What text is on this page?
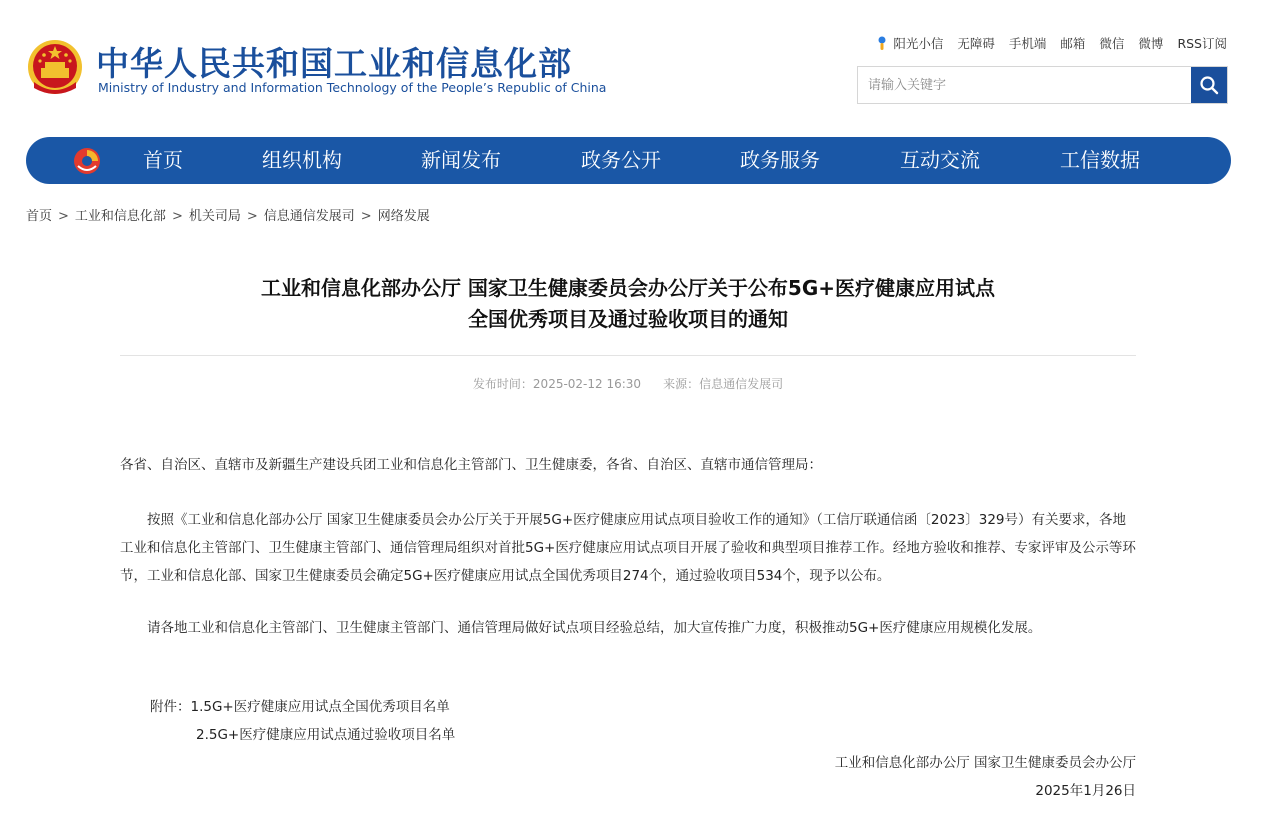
中华人民共和国工业和信息化部
Ministry of Industry and Information Technology of the People’s Republic of China
阳光小信 无障碍 手机端 邮箱 微信 微博 RSS订阅
请输入关键字
首页	组织机构	新闻发布	政务公开	政务服务	互动交流	工信数据
首页 > 工业和信息化部 > 机关司局 > 信息通信发展司 > 网络发展
工业和信息化部办公厅 国家卫生健康委员会办公厅关于公布5G+医疗健康应用试点
全国优秀项目及通过验收项目的通知
发布时间：2025-02-12 16:30 来源：信息通信发展司
各省、自治区、直辖市及新疆生产建设兵团工业和信息化主管部门、卫生健康委，各省、自治区、直辖市通信管理局：
按照《工业和信息化部办公厅 国家卫生健康委员会办公厅关于开展5G+医疗健康应用试点项目验收工作的通知》（工信厅联通信函〔2023〕329号）有关要求，各地工业和信息化主管部门、卫生健康主管部门、通信管理局组织对首批5G+医疗健康应用试点项目开展了验收和典型项目推荐工作。经地方验收和推荐、专家评审及公示等环节，工业和信息化部、国家卫生健康委员会确定5G+医疗健康应用试点全国优秀项目274个，通过验收项目534个，现予以公布。
请各地工业和信息化主管部门、卫生健康主管部门、通信管理局做好试点项目经验总结，加大宣传推广力度，积极推动5G+医疗健康应用规模化发展。
附件：1.5G+医疗健康应用试点全国优秀项目名单
2.5G+医疗健康应用试点通过验收项目名单
工业和信息化部办公厅 国家卫生健康委员会办公厅
2025年1月26日
